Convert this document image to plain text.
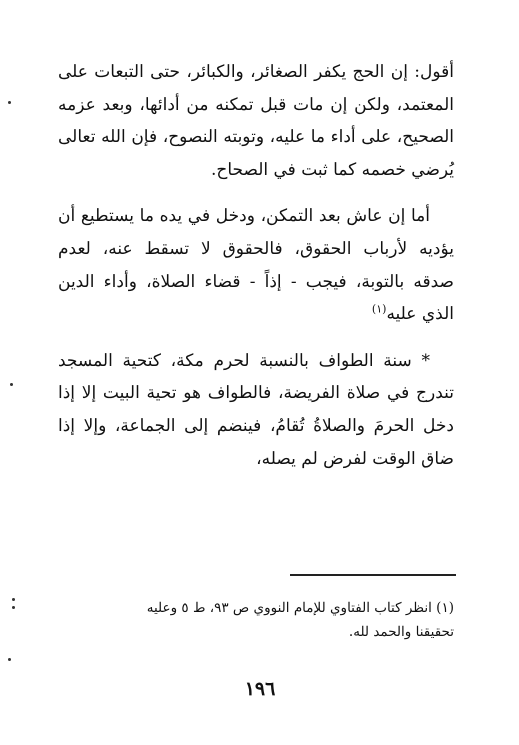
أقول: إن الحج يكفر الصغائر، والكبائر، حتى التبعات على المعتمد، ولكن إن مات قبل تمكنه من أدائها، وبعد عزمه الصحيح، على أداء ما عليه، وتوبته النصوح، فإن الله تعالى يُرضي خصمه كما ثبت في الصحاح.

أما إن عاش بعد التمكن، ودخل في يده ما يستطيع أن يؤديه لأرباب الحقوق، فالحقوق لا تسقط عنه، لعدم صدقه بالتوبة، فيجب - إذاً - قضاء الصلاة، وأداء الدين الذي عليه$^{(١)}$

* سنة الطواف بالنسبة لحرم مكة، كتحية المسجد تندرج في صلاة الفريضة، فالطواف هو تحية البيت إلا إذا دخل الحرمَ والصلاةُ تُقامُ، فينضم إلى الجماعة، وإلا إذا ضاق الوقت لفرض لم يصله،

(١) انظر كتاب الفتاوي للإمام النووي ص ٩٣، ط ٥ وعليه
تحقيقنا والحمد لله.
١٩٦
